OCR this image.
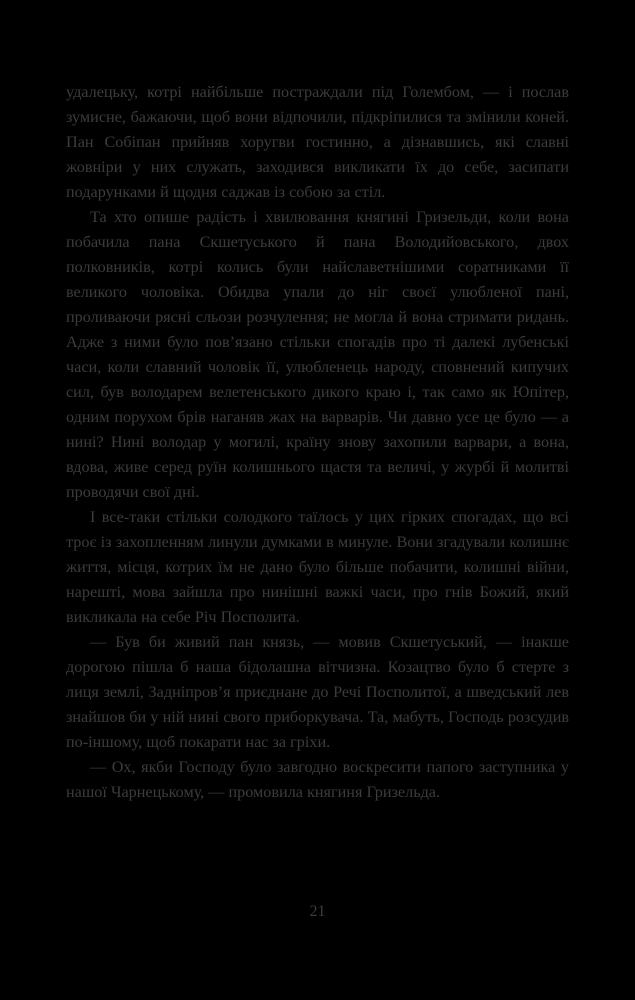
удалецьку, котрі найбільше постраждали під Голембом, — і послав зумисне, бажаючи, щоб вони відпочили, підкріпилися та змінили коней. Пан Собіпан прийняв хоругви гостинно, а дізнавшись, які славні жовніри у них служать, заходився викликати їх до себе, засипати подарунками й щодня саджав із собою за стіл.

Та хто опише радість і хвилювання княгині Гризельди, коли вона побачила пана Скшетуського й пана Володийовського, двох полковників, котрі колись були найславетнішими соратниками її великого чоловіка. Обидва упали до ніг своєї улюбленої пані, проливаючи рясні сльози розчулення; не могла й вона стримати ридань. Адже з ними було пов’язано стільки спогадів про ті далекі лубенські часи, коли славний чоловік її, улюбленець народу, сповнений кипучих сил, був володарем велетенського дикого краю і, так само як Юпітер, одним порухом брів наганяв жах на варварів. Чи давно усе це було — а нині? Нині володар у могилі, країну знову захопили варвари, а вона, вдова, живе серед руїн колишнього щастя та величі, у журбі й молитві проводячи свої дні.

І все-таки стільки солодкого таїлось у цих гірких спогадах, що всі троє із захопленням линули думками в минуле. Вони згадували колишнє життя, місця, котрих їм не дано було більше побачити, колишні війни, нарешті, мова зайшла про нинішні важкі часи, про гнів Божий, який викликала на себе Річ Посполита.

— Був би живий пан князь, — мовив Скшетуський, — інакше дорогою пішла б наша бідолашна вітчизна. Козацтво було б стерте з лиця землі, Задніпров’я приєднане до Речі Посполитої, а шведський лев знайшов би у ній нині свого приборкувача. Та, мабуть, Господь розсудив по-іншому, щоб покарати нас за гріхи.

— Ох, якби Господу було завгодно воскресити папого заступника у нашої Чарнецькому, — промовила княгиня Гризельда.

21
